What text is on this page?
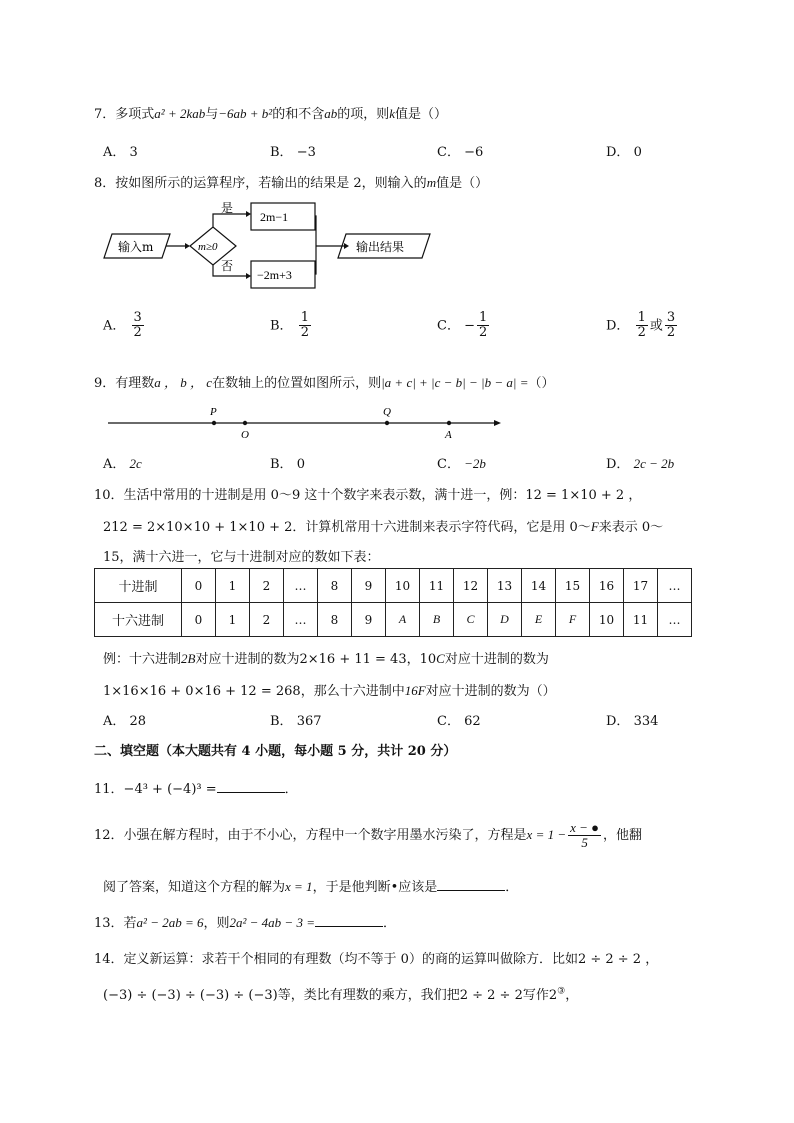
7．多项式a² + 2kab与−6ab + b²的和不含ab的项，则k值是（）
A． 3	B． −3	C． −6	D． 0
8．按如图所示的运算程序，若输出的结果是 2，则输入的m值是（）
输入m	m≥0
是
2m−1
否
−2m+3
输出结果
A． $\frac{3}{2}$	B． $\frac{1}{2}$	C． − $\frac{1}{2}$	D． $\frac{1}{2}$ 或 $\frac{3}{2}$
9．有理数a ， b ， c在数轴上的位置如图所示，则|a + c| + |c − b| − |b − a| =（）
P
O
Q
A
A． 2c	B． 0	C． −2b	D． 2c − 2b
10．生活中常用的十进制是用 0～9 这十个数字来表示数，满十进一，例：12 = 1×10 + 2 ，
212 = 2×10×10 + 1×10 + 2．计算机常用十六进制来表示字符代码，它是用 0～F来表示 0～
15，满十六进一，它与十进制对应的数如下表：
十进制	0	1	2	…	8	9	10	11	12	13	14	15	16	17	…
十六进制	0	1	2	…	8	9	A	B	C	D	E	F	10	11	…
例：十六进制2B对应十进制的数为2×16 + 11 = 43，10C对应十进制的数为
1×16×16 + 0×16 + 12 = 268，那么十六进制中16F对应十进制的数为（）
A． 28	B． 367	C． 62	D． 334
二、填空题（本大题共有 4 小题，每小题 5 分，共计 20 分）
11．−4³ + (−4)³ =	．
12．小强在解方程时，由于不小心，方程中一个数字用墨水污染了，方程是$x = 1 - \frac{x - ●}{5}$ ，他翻
阅了答案，知道这个方程的解为x = 1，于是他判断•应该是	．
13．若a² − 2ab = 6，则2a² − 4ab − 3 =	．
14．定义新运算：求若干个相同的有理数（均不等于 0）的商的运算叫做除方．比如2 ÷ 2 ÷ 2 ，
(−3) ÷ (−3) ÷ (−3) ÷ (−3)等，类比有理数的乘方，我们把2 ÷ 2 ÷ 2写作2③，
